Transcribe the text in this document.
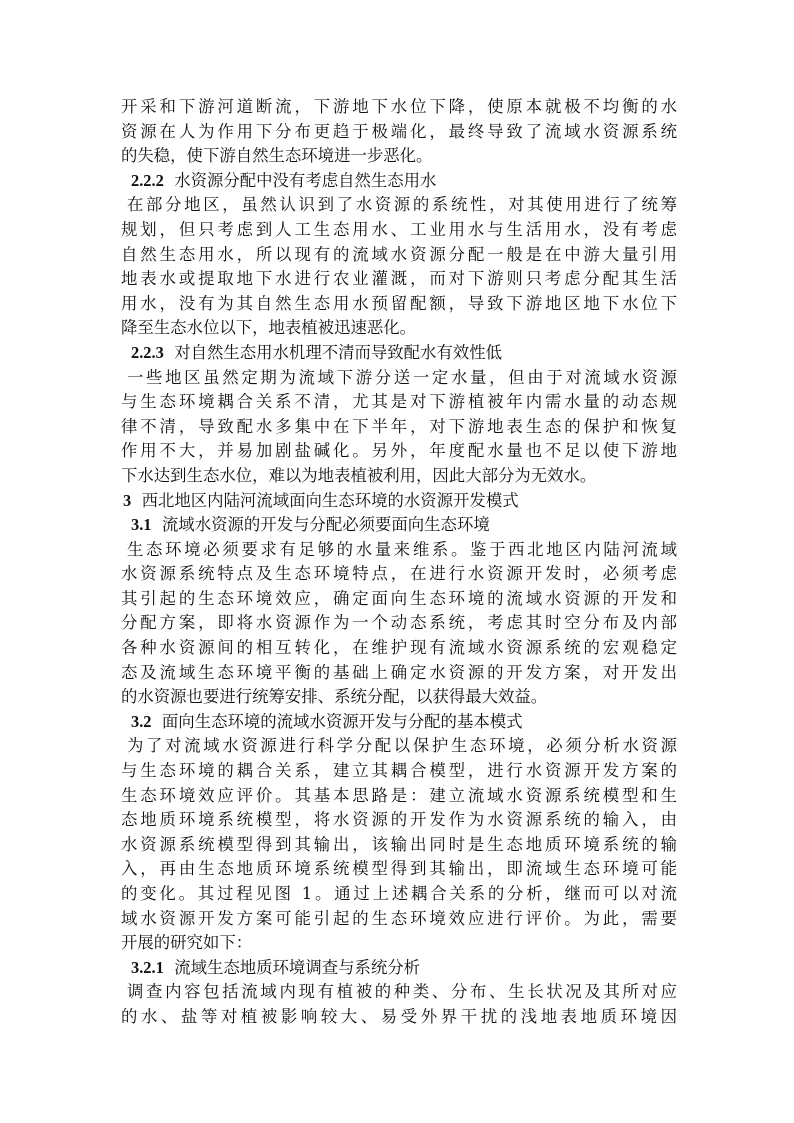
开采和下游河道断流，下游地下水位下降，使原本就极不均衡的水
资源在人为作用下分布更趋于极端化，最终导致了流域水资源系统
的失稳，使下游自然生态环境进一步恶化。
2.2.2 水资源分配中没有考虑自然生态用水
在部分地区，虽然认识到了水资源的系统性，对其使用进行了统筹
规划，但只考虑到人工生态用水、工业用水与生活用水，没有考虑
自然生态用水，所以现有的流域水资源分配一般是在中游大量引用
地表水或提取地下水进行农业灌溉，而对下游则只考虑分配其生活
用水，没有为其自然生态用水预留配额，导致下游地区地下水位下
降至生态水位以下，地表植被迅速恶化。
2.2.3 对自然生态用水机理不清而导致配水有效性低
一些地区虽然定期为流域下游分送一定水量，但由于对流域水资源
与生态环境耦合关系不清，尤其是对下游植被年内需水量的动态规
律不清，导致配水多集中在下半年，对下游地表生态的保护和恢复
作用不大，并易加剧盐碱化。另外，年度配水量也不足以使下游地
下水达到生态水位，难以为地表植被利用，因此大部分为无效水。
3 西北地区内陆河流域面向生态环境的水资源开发模式
3.1 流域水资源的开发与分配必须要面向生态环境
生态环境必须要求有足够的水量来维系。鉴于西北地区内陆河流域
水资源系统特点及生态环境特点，在进行水资源开发时，必须考虑
其引起的生态环境效应，确定面向生态环境的流域水资源的开发和
分配方案，即将水资源作为一个动态系统，考虑其时空分布及内部
各种水资源间的相互转化，在维护现有流域水资源系统的宏观稳定
态及流域生态环境平衡的基础上确定水资源的开发方案，对开发出
的水资源也要进行统筹安排、系统分配，以获得最大效益。
3.2 面向生态环境的流域水资源开发与分配的基本模式
为了对流域水资源进行科学分配以保护生态环境，必须分析水资源
与生态环境的耦合关系，建立其耦合模型，进行水资源开发方案的
生态环境效应评价。其基本思路是：建立流域水资源系统模型和生
态地质环境系统模型，将水资源的开发作为水资源系统的输入，由
水资源系统模型得到其输出，该输出同时是生态地质环境系统的输
入，再由生态地质环境系统模型得到其输出，即流域生态环境可能
的变化。其过程见图 1。通过上述耦合关系的分析，继而可以对流
域水资源开发方案可能引起的生态环境效应进行评价。为此，需要
开展的研究如下：
3.2.1 流域生态地质环境调查与系统分析
调查内容包括流域内现有植被的种类、分布、生长状况及其所对应
的水、盐等对植被影响较大、易受外界干扰的浅地表地质环境因
